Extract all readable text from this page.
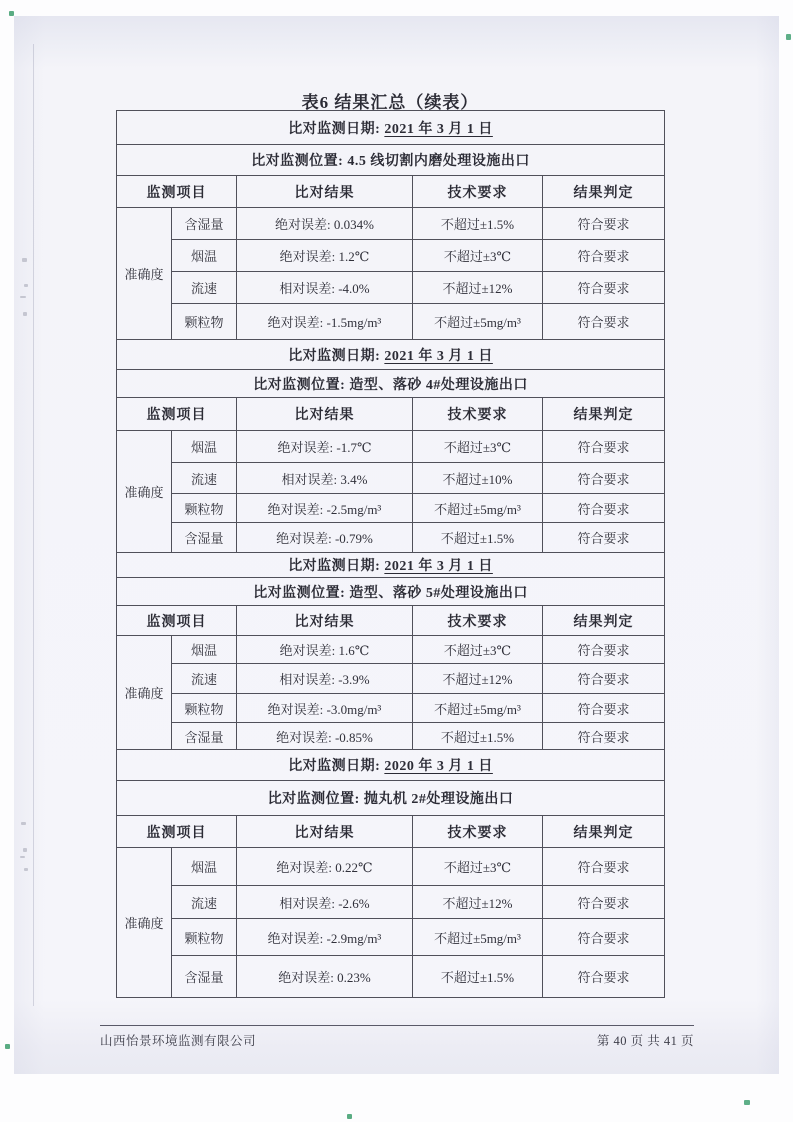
表6 结果汇总（续表）
比对监测日期: 2021 年 3 月 1 日				
比对监测位置: 4.5 线切割内磨处理设施出口				
监测项目		比对结果	技术要求	结果判定
准确度	含湿量	绝对误差: 0.034%	不超过±1.5%	符合要求
	烟温	绝对误差: 1.2℃	不超过±3℃	符合要求
	流速	相对误差: -4.0%	不超过±12%	符合要求
	颗粒物	绝对误差: -1.5mg/m³	不超过±5mg/m³	符合要求
比对监测日期: 2021 年 3 月 1 日				
比对监测位置: 造型、落砂 4#处理设施出口				
监测项目		比对结果	技术要求	结果判定
准确度	烟温	绝对误差: -1.7℃	不超过±3℃	符合要求
	流速	相对误差: 3.4%	不超过±10%	符合要求
	颗粒物	绝对误差: -2.5mg/m³	不超过±5mg/m³	符合要求
	含湿量	绝对误差: -0.79%	不超过±1.5%	符合要求
比对监测日期: 2021 年 3 月 1 日				
比对监测位置: 造型、落砂 5#处理设施出口				
监测项目		比对结果	技术要求	结果判定
准确度	烟温	绝对误差: 1.6℃	不超过±3℃	符合要求
	流速	相对误差: -3.9%	不超过±12%	符合要求
	颗粒物	绝对误差: -3.0mg/m³	不超过±5mg/m³	符合要求
	含湿量	绝对误差: -0.85%	不超过±1.5%	符合要求
比对监测日期: 2020 年 3 月 1 日				
比对监测位置: 抛丸机 2#处理设施出口				
监测项目		比对结果	技术要求	结果判定
准确度	烟温	绝对误差: 0.22℃	不超过±3℃	符合要求
	流速	相对误差: -2.6%	不超过±12%	符合要求
	颗粒物	绝对误差: -2.9mg/m³	不超过±5mg/m³	符合要求
	含湿量	绝对误差: 0.23%	不超过±1.5%	符合要求
山西怡景环境监测有限公司	第 40 页 共 41 页
